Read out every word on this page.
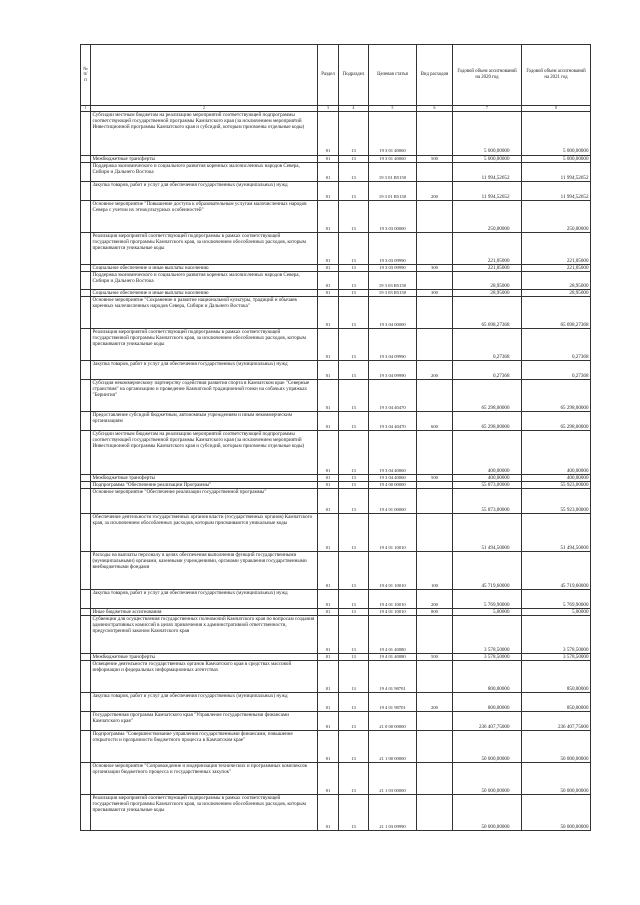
№ п/п		Раздел	Подраздел	Целевая статья	Вид расходов	Годовой объем ассигнований на 2020 год	Годовой объем ассигнований на 2021 год
1	2	3	4	5	6	7	8
	Субсидии местным бюджетам на реализацию мероприятий соответствующей подпрограммы соответствующей государственной программы Камчатского края (за исключением мероприятий Инвестиционной программы Камчатского края и субсидий, которым присвоены отдельные коды)	01	13	19 3 01 40060		5 000,00000	5 000,00000
	Межбюджетные трансферты	01	13	19 3 01 40060	500	5 000,00000	5 000,00000
	Поддержка экономического и социального развития коренных малочисленных народов Севера, Сибири и Дальнего Востока	01	13	19 3 01 R5150		11 994,52652	11 994,52652
	Закупка товаров, работ и услуг для обеспечения государственных (муниципальных) нужд	01	13	19 3 01 R5150	200	11 994,52652	11 994,52652
	Основное мероприятие "Повышение доступа к образовательным услугам малочисленных народов Севера с учетом их этнокультурных особенностей"	01	13	19 3 03 00000		250,00000	250,00000
	Реализация мероприятий соответствующей подпрограммы в рамках соответствующей государственной программы Камчатского края, за исключением обособленных расходов, которым присваиваются уникальные коды	01	13	19 3 03 09990		221,05000	221,05000
	Социальное обеспечение и иные выплаты населению	01	13	19 3 03 09990	300	221,05000	221,05000
	Поддержка экономического и социального развития коренных малочисленных народов Севера, Сибири и Дальнего Востока	01	13	19 3 03 R5150		28,95000	28,95000
	Социальное обеспечение и иные выплаты населению	01	13	19 3 03 R5150	300	28,95000	28,95000
	Основное мероприятие "Сохранение и развитие национальной культуры, традиций и обычаев коренных малочисленных народов Севера, Сибири и Дальнего Востока"	01	13	19 3 04 00000		65 698,27368	65 698,27368
	Реализация мероприятий соответствующей подпрограммы в рамках соответствующей государственной программы Камчатского края, за исключением обособленных расходов, которым присваиваются уникальные коды	01	13	19 3 04 09990		0,27368	0,27368
	Закупка товаров, работ и услуг для обеспечения государственных (муниципальных) нужд	01	13	19 3 04 09990	200	0,27368	0,27368
	Субсидия некоммерческому партнерству содействия развития спорта в Камчатском крае "Северные странствия" на организацию и проведение Камчатской традиционной гонки на собачьих упряжках "Берингия"	01	13	19 3 04 40470		65 298,00000	65 298,00000
	Предоставление субсидий бюджетным, автономным учреждениям и иным некоммерческим организациям	01	13	19 3 04 40470	600	65 298,00000	65 298,00000
	Субсидии местным бюджетам на реализацию мероприятий соответствующей подпрограммы соответствующей государственной программы Камчатского края (за исключением мероприятий Инвестиционной программы Камчатского края и субсидий, которым присвоены отдельные коды)	01	13	19 3 04 40060		400,00000	400,00000
	Межбюджетные трансферты	01	13	19 3 04 40060	500	400,00000	400,00000
	Подпрограмма "Обеспечение реализации Программы"	01	13	19 4 00 00000		55 873,00000	55 923,00000
	Основное мероприятие "Обеспечение реализации государственной программы"	01	13	19 4 01 00000		55 873,00000	55 923,00000
	Обеспечение деятельности государственных органов власти (государственных органов) Камчатского края, за исключением обособленных расходов, которым присваиваются уникальные коды	01	13	19 4 01 10010		51 494,50000	51 494,50000
	Расходы на выплаты персоналу в целях обеспечения выполнения функций государственными (муниципальными) органами, казенными учреждениями, органами управления государственными внебюджетными фондами	01	13	19 4 01 10010	100	45 719,60000	45 719,60000
	Закупка товаров, работ и услуг для обеспечения государственных (муниципальных) нужд	01	13	19 4 01 10010	200	5 769,90000	5 769,90000
	Иные бюджетные ассигнования	01	13	19 4 01 10010	800	5,00000	5,00000
	Субвенции для осуществления государственных полномочий Камчатского края по вопросам создания административных комиссий в целях привлечения к административной ответственности, предусмотренной законом Камчатского края	01	13	19 4 01 40080		3 578,50000	3 578,50000
	Межбюджетные трансферты	01	13	19 4 01 40080	500	3 578,50000	3 578,50000
	Освещение деятельности государственных органов Камчатского края в средствах массовой информации и федеральных информационных агентствах	01	13	19 4 01 98701		800,00000	850,00000
	Закупка товаров, работ и услуг для обеспечения государственных (муниципальных) нужд	01	13	19 4 01 98701	200	800,00000	850,00000
	Государственная программа Камчатского края "Управление государственными финансами Камчатского края"	01	13	21 0 00 00000		236 407,75000	236 407,75000
	Подпрограмма "Совершенствование управления государственными финансами, повышение открытости и прозрачности бюджетного процесса в Камчатском крае"	01	13	21 1 00 00000		50 000,00000	50 000,00000
	Основное мероприятие "Сопровождение и модернизация технических и программных комплексов организации бюджетного процесса и государственных закупок"	01	13	21 1 03 00000		50 000,00000	50 000,00000
	Реализация мероприятий соответствующей подпрограммы в рамках соответствующей государственной программы Камчатского края, за исключением обособленных расходов, которым присваиваются уникальные коды	01	13	21 1 03 09990		50 000,00000	50 000,00000
